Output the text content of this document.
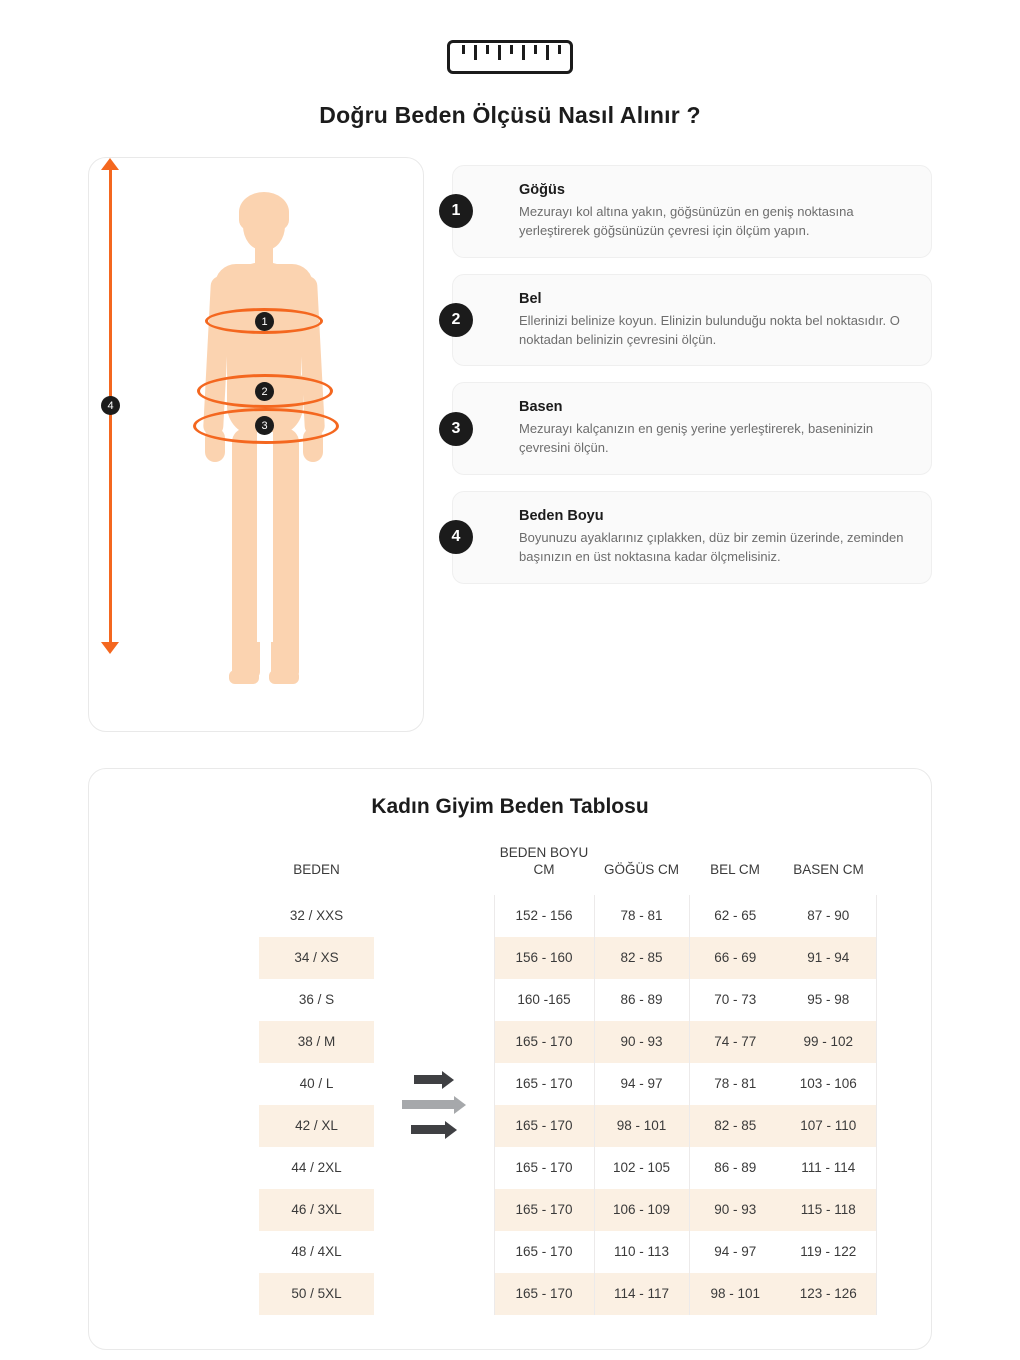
Doğru Beden Ölçüsü Nasıl Alınır ?
4
1
2
3
1
Göğüs
Mezurayı kol altına yakın, göğsünüzün en geniş noktasına yerleştirerek göğsünüzün çevresi için ölçüm yapın.
2
Bel
Ellerinizi belinize koyun. Elinizin bulunduğu nokta bel noktasıdır. O noktadan belinizin çevresini ölçün.
3
Basen
Mezurayı kalçanızın en geniş yerine yerleştirerek, baseninizin çevresini ölçün.
4
Beden Boyu
Boyunuzu ayaklarınız çıplakken, düz bir zemin üzerinde, zeminden başınızın en üst noktasına kadar ölçmelisiniz.
Kadın Giyim Beden Tablosu
	BEDEN		BEDEN BOYU
CM	GÖĞÜS CM	BEL CM	BASEN CM	
	32 / XXS		152 - 156	78 - 81	62 - 65	87 - 90	
	34 / XS		156 - 160	82 - 85	66 - 69	91 - 94	
	36 / S		160 -165	86 - 89	70 - 73	95 - 98	
	38 / M		165 - 170	90 - 93	74 - 77	99 - 102	
	40 / L		165 - 170	94 - 97	78 - 81	103 - 106	
	42 / XL		165 - 170	98 - 101	82 - 85	107 - 110	
	44 / 2XL		165 - 170	102 - 105	86 - 89	111 - 114	
	46 / 3XL		165 - 170	106 - 109	90 - 93	115 - 118	
	48 / 4XL		165 - 170	110 - 113	94 - 97	119 - 122	
	50 / 5XL		165 - 170	114 - 117	98 - 101	123 - 126	
